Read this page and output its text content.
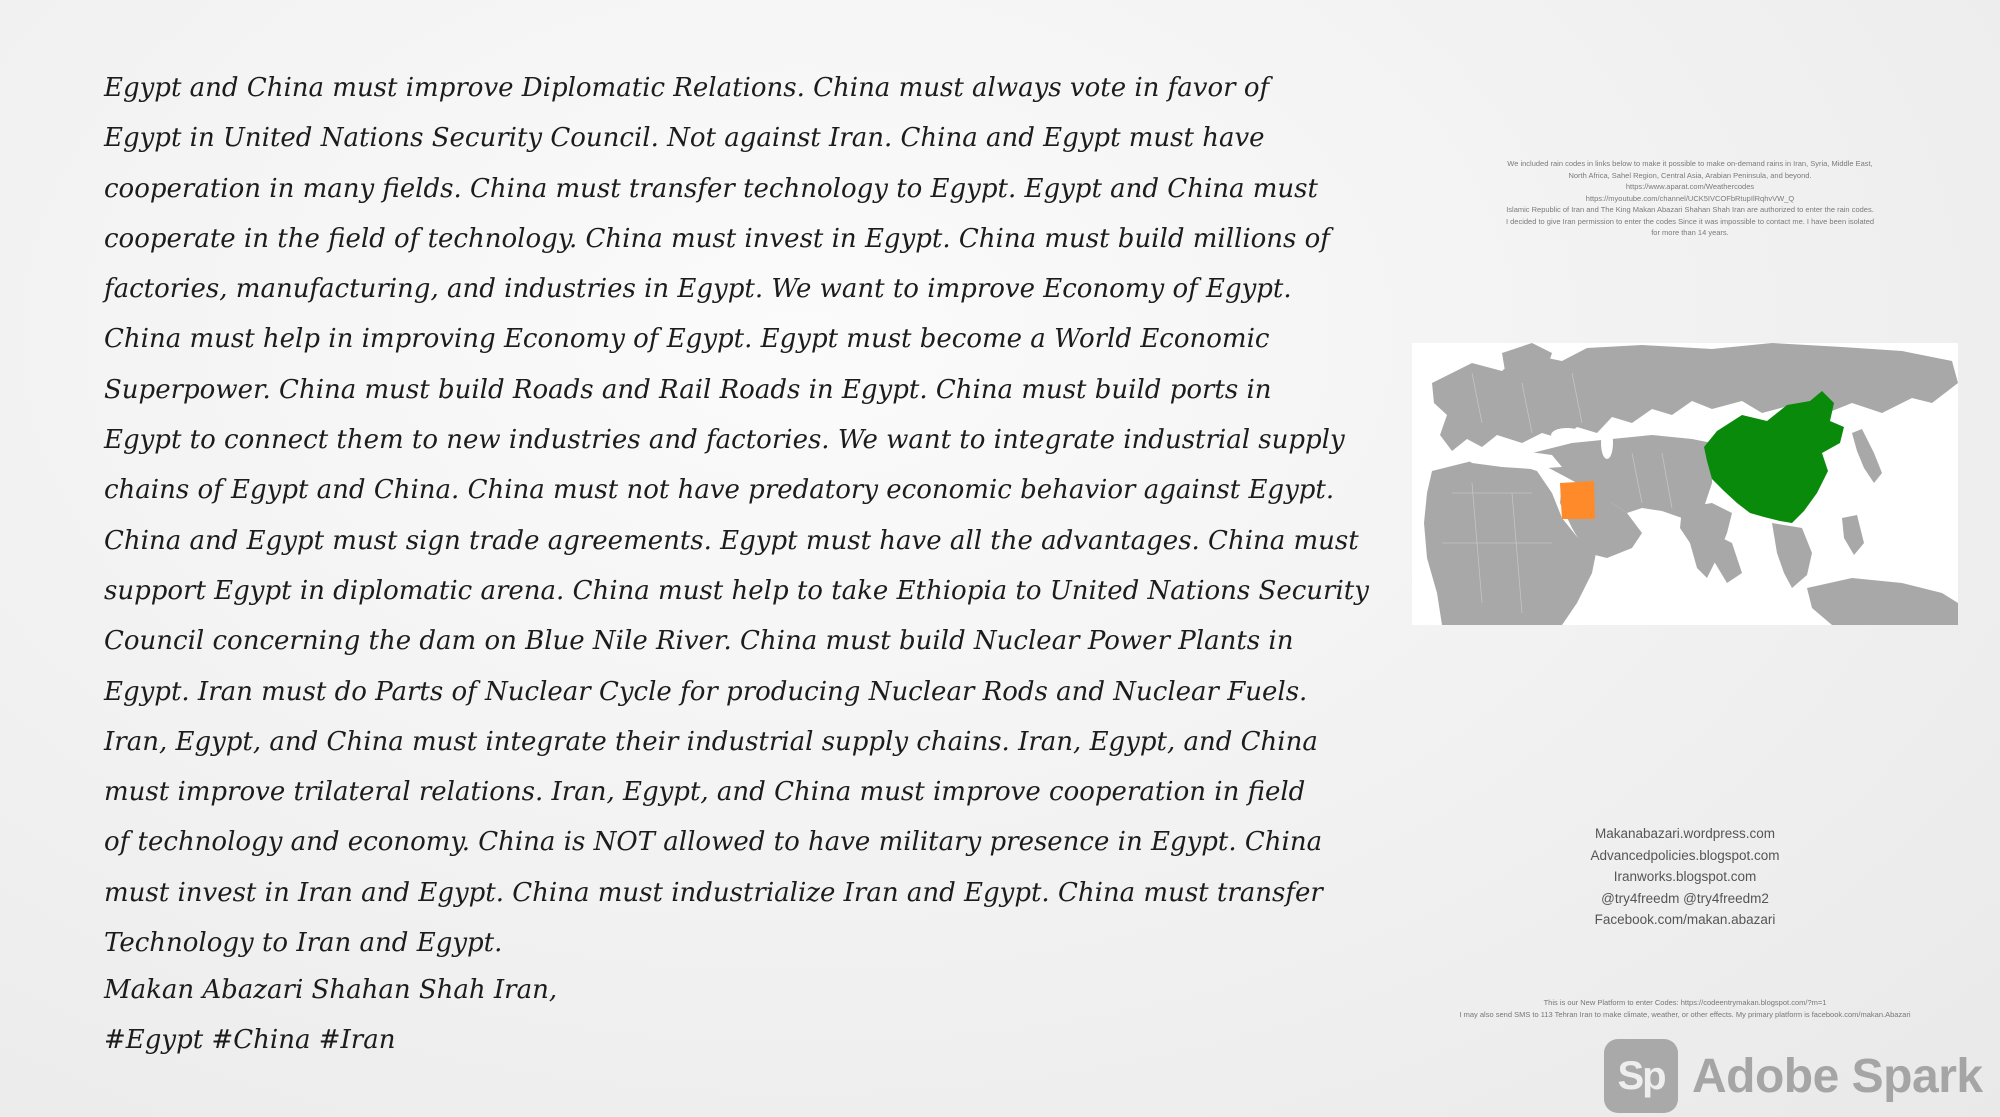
Egypt and China must improve Diplomatic Relations. China must always vote in favor of
Egypt in United Nations Security Council. Not against Iran. China and Egypt must have
cooperation in many fields. China must transfer technology to Egypt. Egypt and China must
cooperate in the field of technology. China must invest in Egypt. China must build millions of
factories, manufacturing, and industries in Egypt. We want to improve Economy of Egypt.
China must help in improving Economy of Egypt. Egypt must become a World Economic
Superpower. China must build Roads and Rail Roads in Egypt. China must build ports in
Egypt to connect them to new industries and factories. We want to integrate industrial supply
chains of Egypt and China. China must not have predatory economic behavior against Egypt.
China and Egypt must sign trade agreements. Egypt must have all the advantages. China must
support Egypt in diplomatic arena. China must help to take Ethiopia to United Nations Security
Council concerning the dam on Blue Nile River. China must build Nuclear Power Plants in
Egypt. Iran must do Parts of Nuclear Cycle for producing Nuclear Rods and Nuclear Fuels.
Iran, Egypt, and China must integrate their industrial supply chains. Iran, Egypt, and China
must improve trilateral relations. Iran, Egypt, and China must improve cooperation in field
of technology and economy. China is NOT allowed to have military presence in Egypt. China
must invest in Iran and Egypt. China must industrialize Iran and Egypt. China must transfer
Technology to Iran and Egypt.
Makan Abazari Shahan Shah Iran,
#Egypt #China #Iran
We included rain codes in links below to make it possible to make on-demand rains in Iran, Syria, Middle East,
North Africa, Sahel Region, Central Asia, Arabian Peninsula, and beyond.
https://www.aparat.com/Weathercodes
https://myoutube.com/channel/UCK5IVCOFbRtupIlRqhvVW_Q
Islamic Republic of Iran and The King Makan Abazari Shahan Shah Iran are authorized to enter the rain codes.
I decided to give Iran permission to enter the codes Since it was impossible to contact me. I have been isolated
for more than 14 years.
Makanabazari.wordpress.com
Advancedpolicies.blogspot.com
Iranworks.blogspot.com
@try4freedm @try4freedm2
Facebook.com/makan.abazari
This is our New Platform to enter Codes: https://codeentrymakan.blogspot.com/?m=1
I may also send SMS to 113 Tehran Iran to make climate, weather, or other effects. My primary platform is facebook.com/makan.Abazari
Sp Adobe Spark
